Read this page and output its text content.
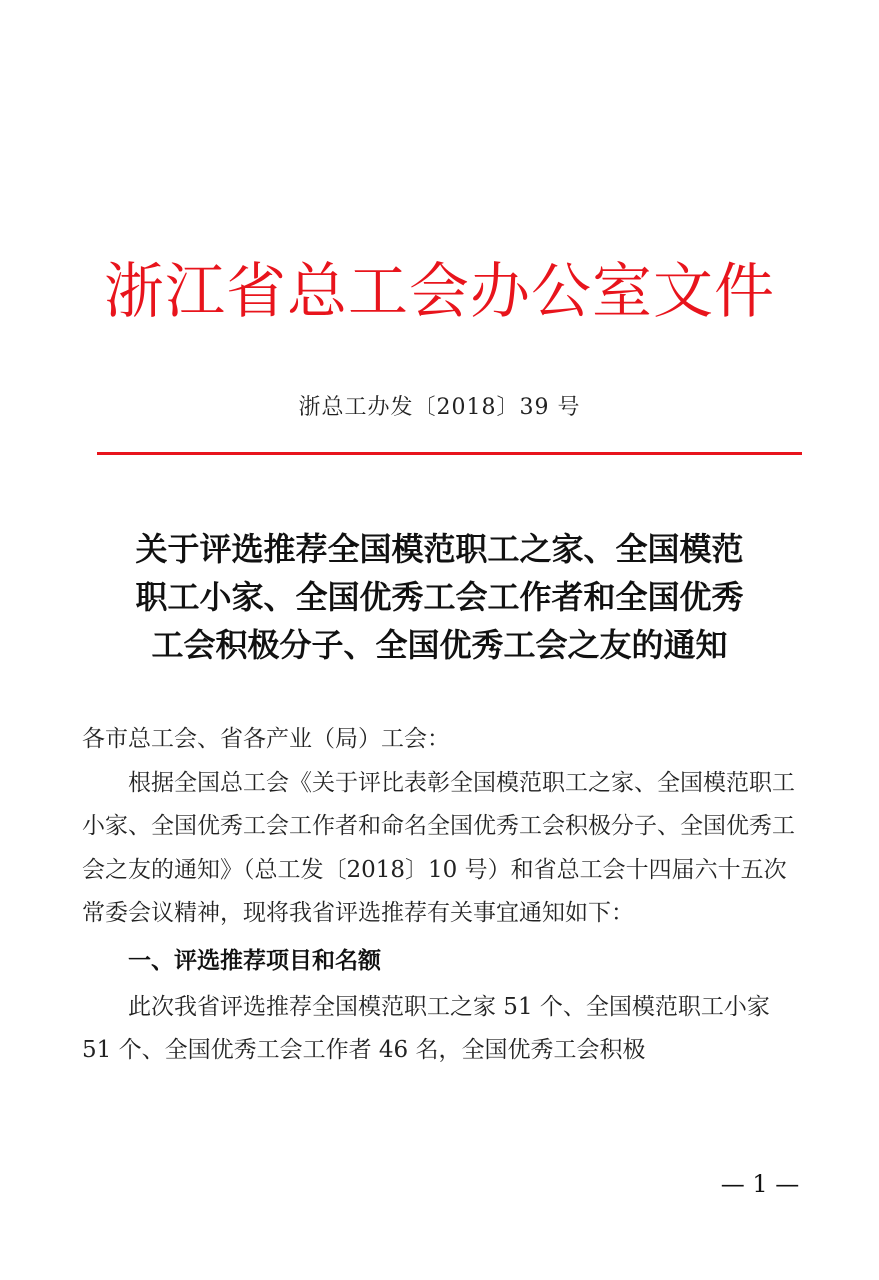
浙江省总工会办公室文件
浙总工办发〔2018〕39 号
关于评选推荐全国模范职工之家、全国模范
职工小家、全国优秀工会工作者和全国优秀
工会积极分子、全国优秀工会之友的通知

各市总工会、省各产业（局）工会：

根据全国总工会《关于评比表彰全国模范职工之家、全国模范职工小家、全国优秀工会工作者和命名全国优秀工会积极分子、全国优秀工会之友的通知》（总工发〔2018〕10 号）和省总工会十四届六十五次常委会议精神，现将我省评选推荐有关事宜通知如下：

一、评选推荐项目和名额

此次我省评选推荐全国模范职工之家 51 个、全国模范职工小家 51 个、全国优秀工会工作者 46 名，全国优秀工会积极

— 1 —
